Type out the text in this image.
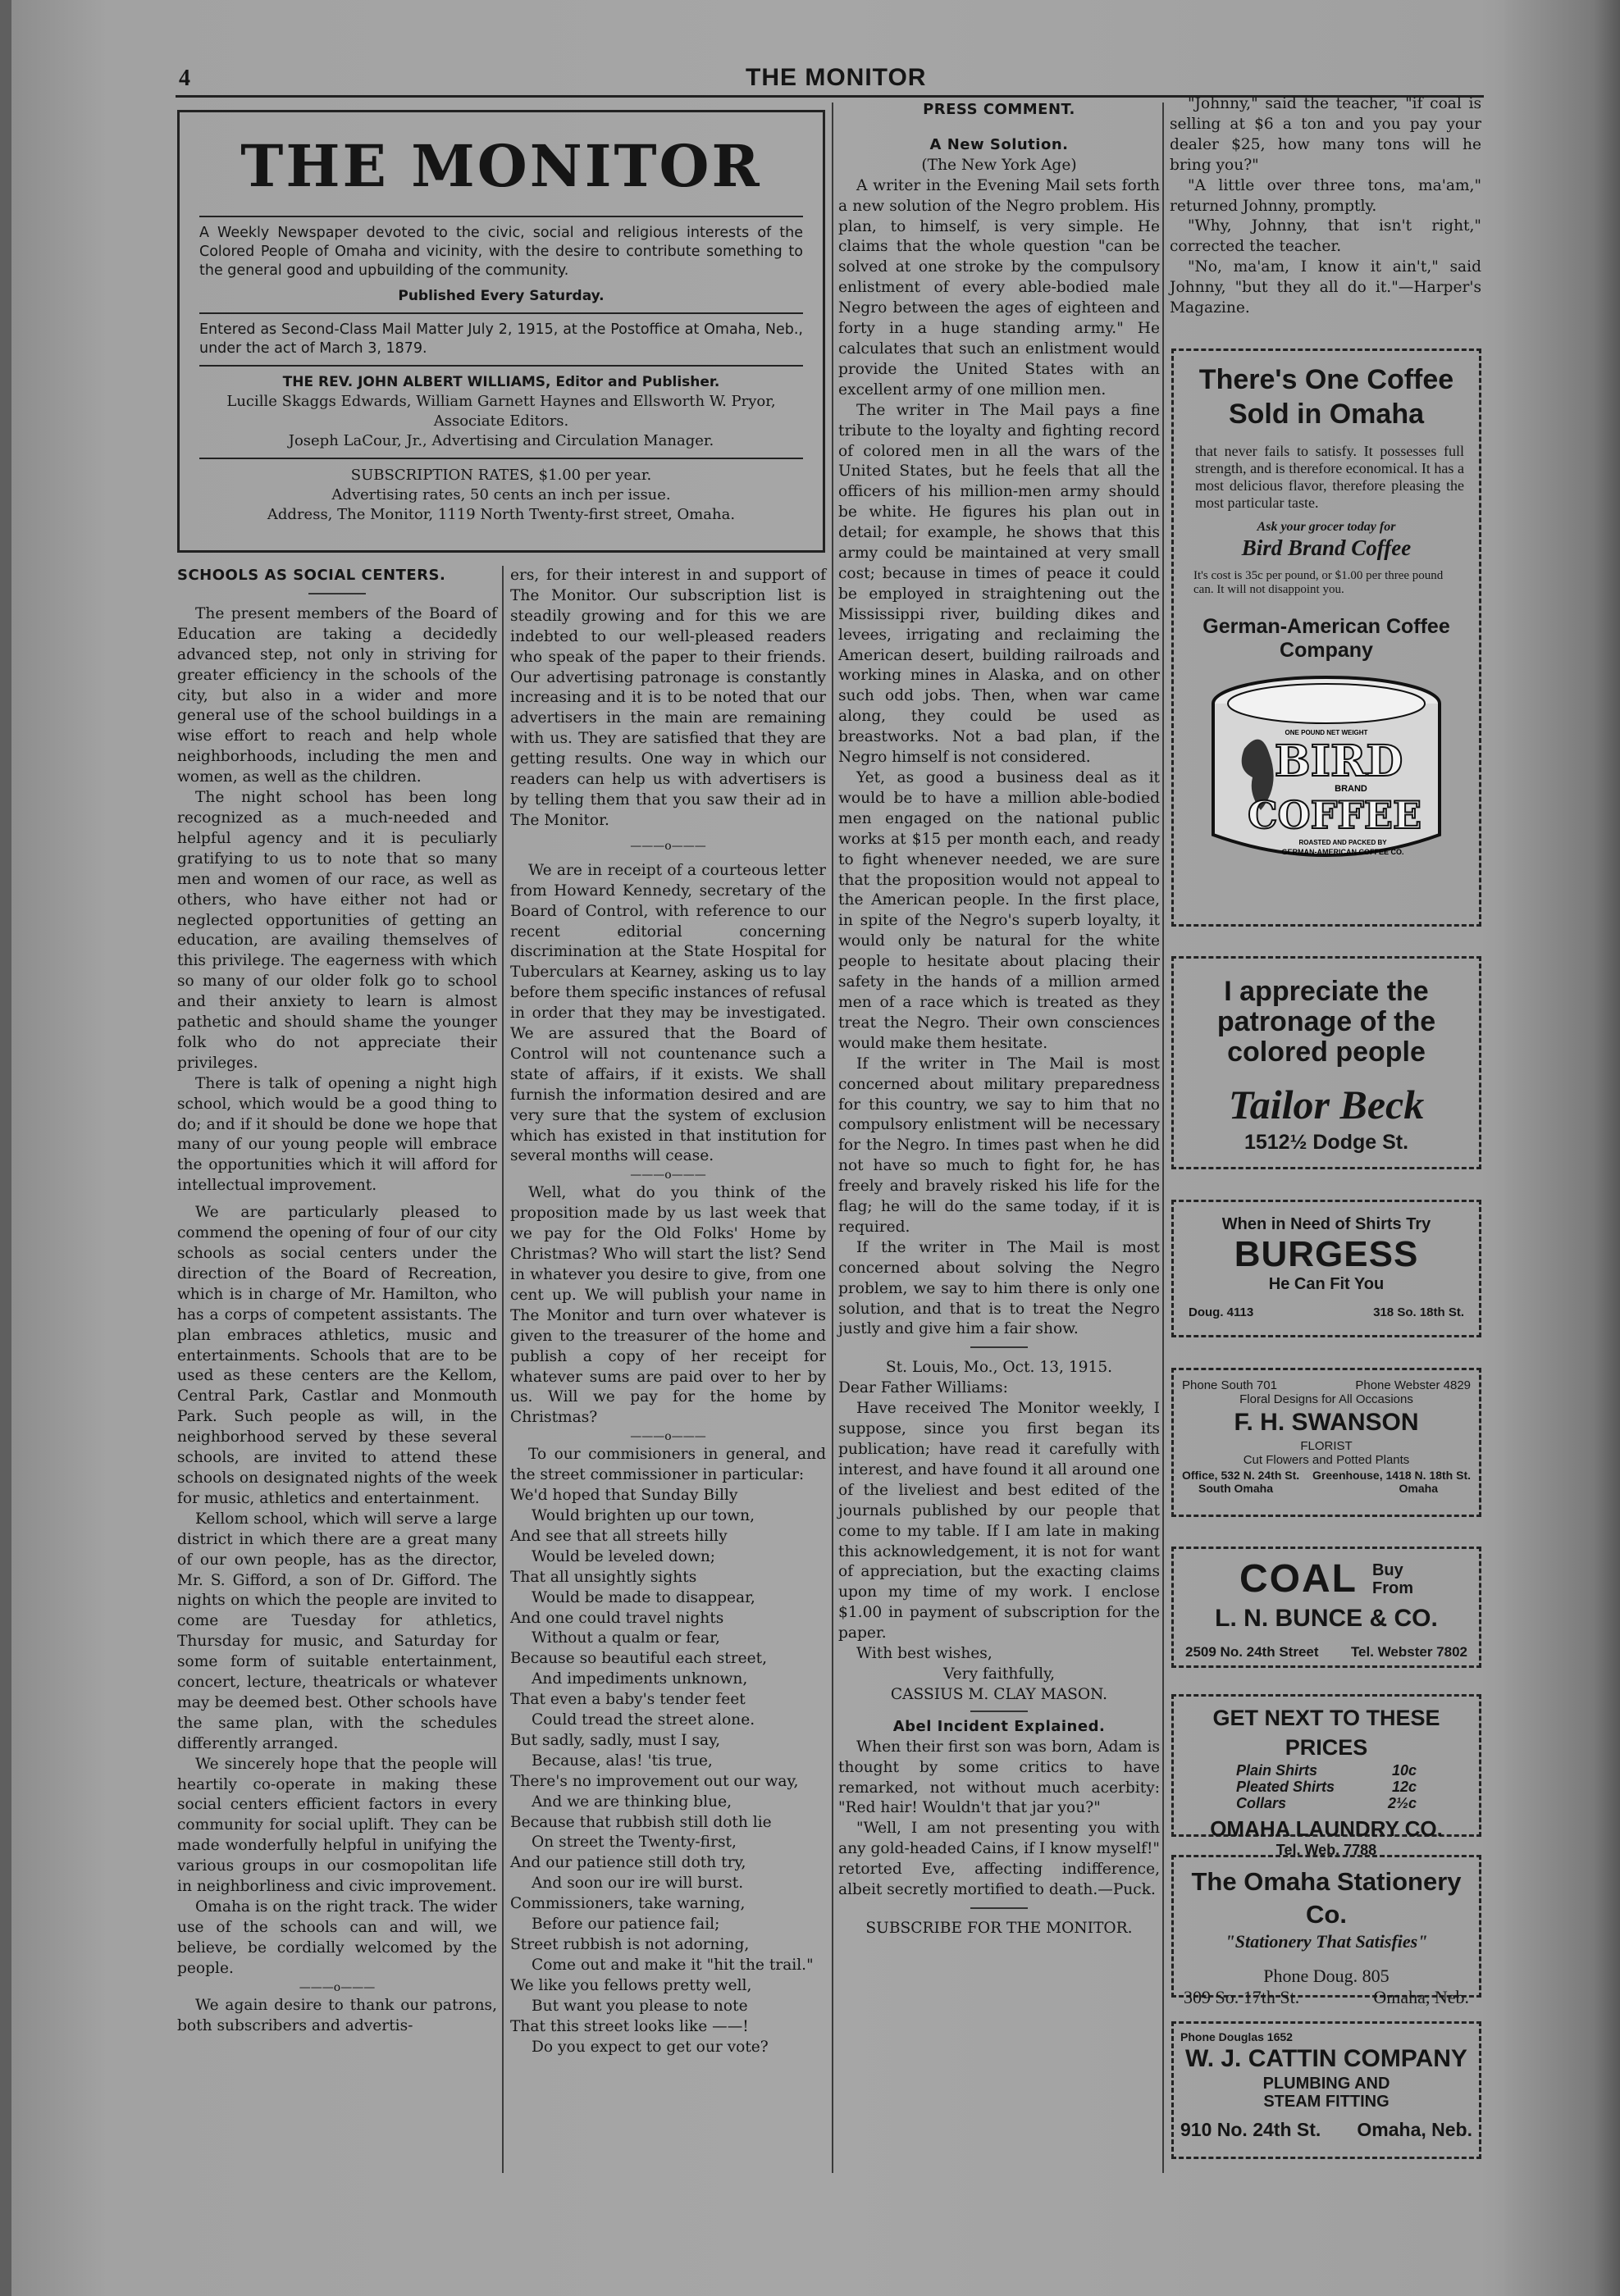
4	THE MONITOR
THE MONITOR
A Weekly Newspaper devoted to the civic, social and religious interests of the Colored People of Omaha and vicinity, with the desire to contribute something to the general good and upbuilding of the community.
Published Every Saturday.
Entered as Second-Class Mail Matter July 2, 1915, at the Postoffice at Omaha, Neb., under the act of March 3, 1879.
THE REV. JOHN ALBERT WILLIAMS, Editor and Publisher.
Lucille Skaggs Edwards, William Garnett Haynes and Ellsworth W. Pryor, Associate Editors.
Joseph LaCour, Jr., Advertising and Circulation Manager.
SUBSCRIPTION RATES, $1.00 per year.
Advertising rates, 50 cents an inch per issue.
Address, The Monitor, 1119 North Twenty-first street, Omaha.
SCHOOLS AS SOCIAL CENTERS.

The present members of the Board of Education are taking a decidedly advanced step, not only in striving for greater efficiency in the schools of the city, but also in a wider and more general use of the school buildings in a wise effort to reach and help whole neighborhoods, including the men and women, as well as the children.

The night school has been long recognized as a much-needed and helpful agency and it is peculiarly gratifying to us to note that so many men and women of our race, as well as others, who have either not had or neglected opportunities of getting an education, are availing themselves of this privilege. The eagerness with which so many of our older folk go to school and their anxiety to learn is almost pathetic and should shame the younger folk who do not appreciate their privileges.

There is talk of opening a night high school, which would be a good thing to do; and if it should be done we hope that many of our young people will embrace the opportunities which it will afford for intellectual improvement.

We are particularly pleased to commend the opening of four of our city schools as social centers under the direction of the Board of Recreation, which is in charge of Mr. Hamilton, who has a corps of competent assistants. The plan embraces athletics, music and entertainments. Schools that are to be used as these centers are the Kellom, Central Park, Castlar and Monmouth Park. Such people as will, in the neighborhood served by these several schools, are invited to attend these schools on designated nights of the week for music, athletics and entertainment.

Kellom school, which will serve a large district in which there are a great many of our own people, has as the director, Mr. S. Gifford, a son of Dr. Gifford. The nights on which the people are invited to come are Tuesday for athletics, Thursday for music, and Saturday for some form of suitable entertainment, concert, lecture, theatricals or whatever may be deemed best. Other schools have the same plan, with the schedules differently arranged.

We sincerely hope that the people will heartily co-operate in making these social centers efficient factors in every community for social uplift. They can be made wonderfully helpful in unifying the various groups in our cosmopolitan life in neighborliness and civic improvement.

Omaha is on the right track. The wider use of the schools can and will, we believe, be cordially welcomed by the people.

———o———

We again desire to thank our patrons, both subscribers and advertis-

ers, for their interest in and support of The Monitor. Our subscription list is steadily growing and for this we are indebted to our well-pleased readers who speak of the paper to their friends. Our advertising patronage is constantly increasing and it is to be noted that our advertisers in the main are remaining with us. They are satisfied that they are getting results. One way in which our readers can help us with advertisers is by telling them that you saw their ad in The Monitor.

———o———

We are in receipt of a courteous letter from Howard Kennedy, secretary of the Board of Control, with reference to our recent editorial concerning discrimination at the State Hospital for Tuberculars at Kearney, asking us to lay before them specific instances of refusal in order that they may be investigated. We are assured that the Board of Control will not countenance such a state of affairs, if it exists. We shall furnish the information desired and are very sure that the system of exclusion which has existed in that institution for several months will cease.

———o———

Well, what do you think of the proposition made by us last week that we pay for the Old Folks' Home by Christmas? Who will start the list? Send in whatever you desire to give, from one cent up. We will publish your name in The Monitor and turn over whatever is given to the treasurer of the home and publish a copy of her receipt for whatever sums are paid over to her by us. Will we pay for the home by Christmas?

———o———

To our commisioners in general, and the street commissioner in particular:

We'd hoped that Sunday Billy
Would brighten up our town,
And see that all streets hilly
Would be leveled down;
That all unsightly sights
Would be made to disappear,
And one could travel nights
Without a qualm or fear,
Because so beautiful each street,
And impediments unknown,
That even a baby's tender feet
Could tread the street alone.
But sadly, sadly, must I say,
Because, alas! 'tis true,
There's no improvement out our way,
And we are thinking blue,
Because that rubbish still doth lie
On street the Twenty-first,
And our patience still doth try,
And soon our ire will burst.
Commissioners, take warning,
Before our patience fail;
Street rubbish is not adorning,
Come out and make it "hit the trail."
We like you fellows pretty well,
But want you please to note
That this street looks like ——!
Do you expect to get our vote?
PRESS COMMENT.
A New Solution.
(The New York Age)

A writer in the Evening Mail sets forth a new solution of the Negro problem. His plan, to himself, is very simple. He claims that the whole question "can be solved at one stroke by the compulsory enlistment of every able-bodied male Negro between the ages of eighteen and forty in a huge standing army." He calculates that such an enlistment would provide the United States with an excellent army of one million men.

The writer in The Mail pays a fine tribute to the loyalty and fighting record of colored men in all the wars of the United States, but he feels that all the officers of his million-men army should be white. He figures his plan out in detail; for example, he shows that this army could be maintained at very small cost; because in times of peace it could be employed in straightening out the Mississippi river, building dikes and levees, irrigating and reclaiming the American desert, building railroads and working mines in Alaska, and on other such odd jobs. Then, when war came along, they could be used as breastworks. Not a bad plan, if the Negro himself is not considered.

Yet, as good a business deal as it would be to have a million able-bodied men engaged on the national public works at $15 per month each, and ready to fight whenever needed, we are sure that the proposition would not appeal to the American people. In the first place, in spite of the Negro's superb loyalty, it would only be natural for the white people to hesitate about placing their safety in the hands of a million armed men of a race which is treated as they treat the Negro. Their own consciences would make them hesitate.

If the writer in The Mail is most concerned about military preparedness for this country, we say to him that no compulsory enlistment will be necessary for the Negro. In times past when he did not have so much to fight for, he has freely and bravely risked his life for the flag; he will do the same today, if it is required.

If the writer in The Mail is most concerned about solving the Negro problem, we say to him there is only one solution, and that is to treat the Negro justly and give him a fair show.

St. Louis, Mo., Oct. 13, 1915.

Dear Father Williams:

Have received The Monitor weekly, I suppose, since you first began its publication; have read it carefully with interest, and have found it all around one of the liveliest and best edited of the journals published by our people that come to my table. If I am late in making this acknowledgement, it is not for want of appreciation, but the exacting claims upon my time of my work. I enclose $1.00 in payment of subscription for the paper.

With best wishes,

Very faithfully,
CASSIUS M. CLAY MASON.
Abel Incident Explained.

When their first son was born, Adam is thought by some critics to have remarked, not without much acerbity: "Red hair! Wouldn't that jar you?"

"Well, I am not presenting you with any gold-headed Cains, if I know myself!" retorted Eve, affecting indifference, albeit secretly mortified to death.—Puck.

SUBSCRIBE FOR THE MONITOR.

"Johnny," said the teacher, "if coal is selling at $6 a ton and you pay your dealer $25, how many tons will he bring you?"

"A little over three tons, ma'am," returned Johnny, promptly.

"Why, Johnny, that isn't right," corrected the teacher.

"No, ma'am, I know it ain't," said Johnny, "but they all do it."—Harper's Magazine.

There's One Coffee
Sold in Omaha
that never fails to satisfy. It possesses full strength, and is therefore economical. It has a most delicious flavor, therefore pleasing the most particular taste.
Ask your grocer today for
Bird Brand Coffee
It's cost is 35c per pound, or $1.00 per three pound can. It will not disappoint you.
German-American Coffee Company
ONE POUND NET WEIGHT
BIRD
BRAND
COFFEE
ROASTED AND PACKED BY
GERMAN-AMERICAN COFFEE CO.
I appreciate the
patronage of the
colored people
Tailor Beck
1512½ Dodge St.
When in Need of Shirts Try
BURGESS
He Can Fit You
Doug. 4113	318 So. 18th St.
Phone South 701	Phone Webster 4829
Floral Designs for All Occasions
F. H. SWANSON
FLORIST
Cut Flowers and Potted Plants
Office, 532 N. 24th St. Greenhouse, 1418 N. 18th St.
South Omaha	Omaha
COAL Buy
From
L. N. BUNCE & CO.
2509 No. 24th Street Tel. Webster 7802
GET NEXT TO THESE PRICES
Plain Shirts	10c
Pleated Shirts	12c
Collars	2½c
OMAHA LAUNDRY CO.
Tel. Web. 7788
The Omaha Stationery Co.
"Stationery That Satisfies"
Phone Doug. 805
309 So. 17th St.	Omaha, Neb.
Phone Douglas 1652
W. J. CATTIN COMPANY
PLUMBING AND
STEAM FITTING
910 No. 24th St. Omaha, Neb.
